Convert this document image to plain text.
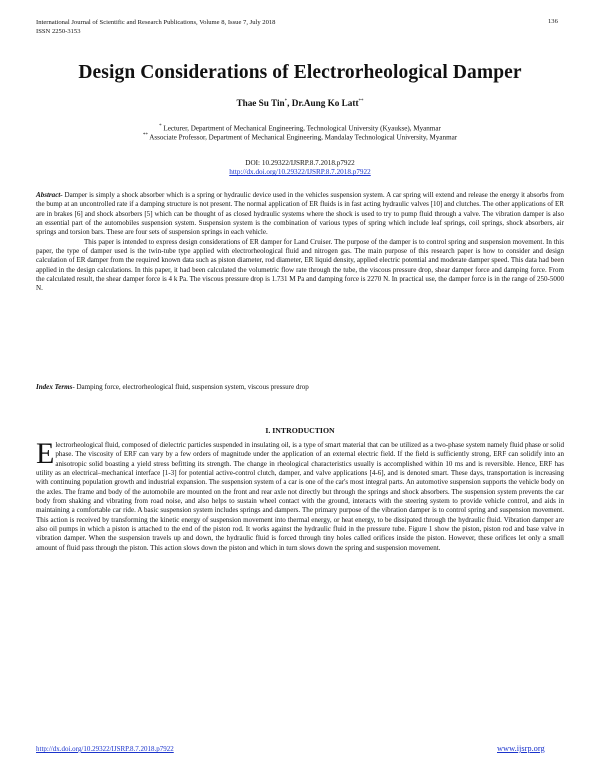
International Journal of Scientific and Research Publications, Volume 8, Issue 7, July 2018
ISSN 2250-3153
136
Design Considerations of Electrorheological Damper
Thae Su Tin*, Dr.Aung Ko Latt**
* Lecturer, Department of Mechanical Engineering, Technological University (Kyaukse), Myanmar
** Associate Professor, Department of Mechanical Engineering, Mandalay Technological University, Myanmar
DOI: 10.29322/IJSRP.8.7.2018.p7922
http://dx.doi.org/10.29322/IJSRP.8.7.2018.p7922

Abstract- Damper is simply a shock absorber which is a spring or hydraulic device used in the vehicles suspension system. A car spring will extend and release the energy it absorbs from the bump at an uncontrolled rate if a damping structure is not present. The normal application of ER fluids is in fast acting hydraulic valves [10] and clutches. The other applications of ER are in brakes [6] and shock absorbers [5] which can be thought of as closed hydraulic systems where the shock is used to try to pump fluid through a valve. The vibration damper is also an essential part of the automobiles suspension system. Suspension system is the combination of various types of spring which include leaf springs, coil springs, shock absorbers, air springs and torsion bars. These are four sets of suspension springs in each vehicle.

This paper is intended to express design considerations of ER damper for Land Cruiser. The purpose of the damper is to control spring and suspension movement. In this paper, the type of damper used is the twin-tube type applied with electrorheological fluid and nitrogen gas. The main purpose of this research paper is how to consider and design calculation of ER damper from the required known data such as piston diameter, rod diameter, ER liquid density, applied electric potential and moderate damper speed. This data had been applied in the design calculations. In this paper, it had been calculated the volumetric flow rate through the tube, the viscous pressure drop, shear damper force and damping force. From the calculated result, the shear damper force is 4 k Pa. The viscous pressure drop is 1.731 M Pa and damping force is 2270 N. In practical use, the damper force is in the range of 250-5000 N.

Index Terms- Damping force, electrorheological fluid, suspension system, viscous pressure drop
I. INTRODUCTION
Electrorheological fluid, composed of dielectric particles suspended in insulating oil, is a type of smart material that can be utilized as a two-phase system namely fluid phase or solid phase. The viscosity of ERF can vary by a few orders of magnitude under the application of an external electric field. If the field is sufficiently strong, ERF can solidify into an anisotropic solid boasting a yield stress befitting its strength. The change in rheological characteristics usually is accomplished within 10 ms and is reversible. Hence, ERF has utility as an electrical–mechanical interface [1-3] for potential active-control clutch, damper, and valve applications [4-6], and is denoted smart. These days, transportation is increasing with continuing population growth and industrial expansion. The suspension system of a car is one of the car's most integral parts. An automotive suspension supports the vehicle body on the axles. The frame and body of the automobile are mounted on the front and rear axle not directly but through the springs and shock absorbers. The suspension system prevents the car body from shaking and vibrating from road noise, and also helps to sustain wheel contact with the ground, interacts with the steering system to provide vehicle control, and aids in maintaining a comfortable car ride. A basic suspension system includes springs and dampers. The primary purpose of the vibration damper is to control spring and suspension movement. This action is received by transforming the kinetic energy of suspension movement into thermal energy, or heat energy, to be dissipated through the hydraulic fluid. Vibration damper are also oil pumps in which a piston is attached to the end of the piston rod. It works against the hydraulic fluid in the pressure tube. Figure 1 show the piston, piston rod and base valve in vibration damper. When the suspension travels up and down, the hydraulic fluid is forced through tiny holes called orifices inside the piston. However, these orifices let only a small amount of fluid pass through the piston. This action slows down the piston and which in turn slows down the spring and suspension movement.
http://dx.doi.org/10.29322/IJSRP.8.7.2018.p7922	www.ijsrp.org
